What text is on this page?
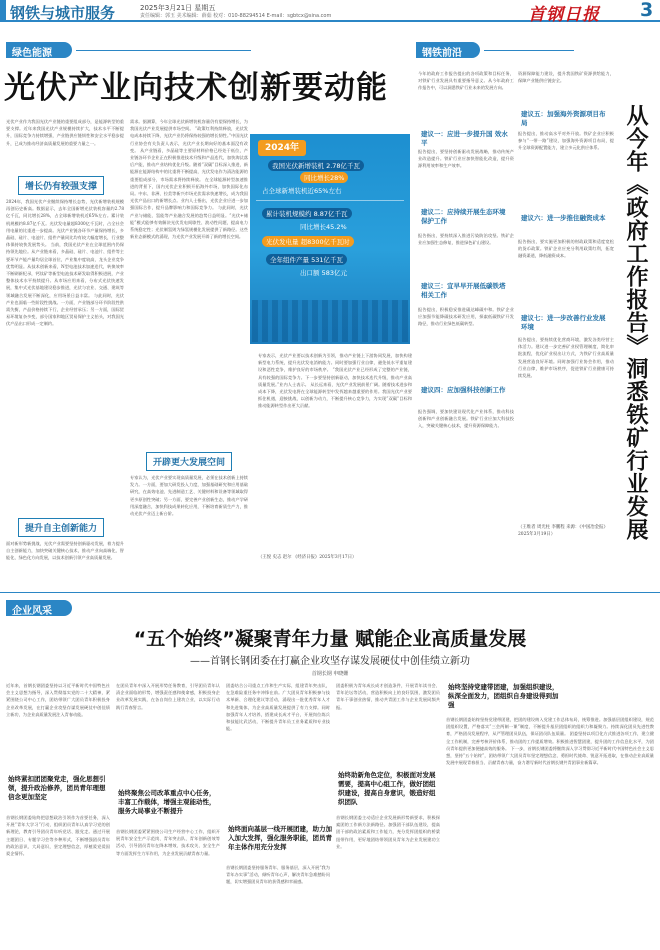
钢铁与城市服务	2025年3月21日 星期五
责任编辑：郭玉 美术编辑：薛茹 校对：010-88294514 E-mail：sgbtcx@sina.com	首钢日报 3
绿色能源
光伏产业向技术创新要动能
光伏产业作为我国光伏产业链的重要组成部分，是能源转型的重要支撑。近年来我国光伏产业规模持续扩大，技术水平不断提升，国际竞争力持续增强，产业链供应链韧性和安全水平稳步提升，已成为推动经济高质量发展的重要力量之一。
增长仍有较强支撑
2024年，我国光伏产业继续保持增长态势，光伏新增装机规模再创历史新高。数据显示，去年全国新增光伏装机容量约2.78亿千瓦，同比增长28%，占全球新增装机近65%左右。累计装机规模约8.87亿千瓦。光伏发电量超8300亿千瓦时，占全社会用电量的比重进一步提高。光伏产业链各环节产量保持增长，多晶硅、硅片、电池片、组件产量同比均有较大幅度增长，行业整体保持较快发展势头。 当前，我国光伏产业在全球范围内仍保持领先地位。从产业链来看，多晶硅、硅片、电池片、组件等主要环节产能产量均居全球首位，产业集中度较高，龙头企业竞争优势明显。从技术创新来看，N型电池技术加速迭代，转换效率不断刷新纪录，钙钛矿等新型电池技术研发取得积极进展，产业整体技术水平持续提升。从市场应用来看，分布式光伏快速发展，集中式光伏基地建设稳步推进，光伏与农业、交通、建筑等领域融合发展不断深化，应用场景日益丰富。 与此同时，光伏产业也面临一些阶段性挑战。一方面，产业链部分环节阶段性供需失衡，产品价格持续下行，企业经营承压；另一方面，国际贸易环境复杂多变，部分国家和地区贸易保护主义抬头，对我国光伏产品出口形成一定制约。
提升自主创新能力
面对新形势新挑战，光伏产业需要坚持创新驱动发展，着力提升自主创新能力，加快突破关键核心技术，推动产业向高端化、智能化、绿色化方向发展，以技术创新引领产业高质量发展。
需求。据测算，今年全球光伏新增装机容量仍有望保持增长，为我国光伏产业发展提供市场空间。 “政策红利持续释放，光伏发电成本持续下降，光伏产业仍将保持较强的增长韧性。”中国光伏行业协会有关负责人表示，光伏产业长期向好的基本面没有改变。 从产业链看，多晶硅等主要原材料价格已经处于低位，产业链各环节企业正在积极推进技术升级和产品迭代，加快淘汰落后产能，推动产业结构优化升级。随着“双碳”目标深入推进，新能源在能源结构中的比重将不断提高，光伏发电作为清洁能源的重要组成部分，市场需求将持续释放。 在全球能源转型加速推进的背景下，国内光伏企业积极开拓海外市场，加快国际化布局。中东、非洲、拉美等新兴市场光伏需求快速增长，成为我国光伏产品出口的新增长点。业内人士指出，光伏企业应进一步加强国际合作，提升品牌影响力和国际竞争力。 与此同时，光伏产业与储能、氢能等产业融合发展的趋势日益明显。“光伏+储能”模式能够有效解决光伏发电间歇性、波动性问题，提高电力系统稳定性；光伏制氢则为绿氢规模化发展提供了新路径。这些新业态新模式的涌现，为光伏产业发展开辟了新的增长空间。
开辟更大发展空间
专家认为，光伏产业要实现高质量发展，必须在技术创新上持续发力。一方面，要加大研发投入力度，加强基础研究和应用基础研究，在高效电池、先进制造工艺、关键材料和设备等领域取得更多原创性突破；另一方面，要完善产业创新生态，推动产学研用深度融合，加快科技成果转化应用，不断培育新质生产力，推动光伏产业迈上新台阶。
2024年
我国光伏新增装机 2.78亿千瓦
同比增长28%
占全球新增装机近65%左右
累计装机规模约 8.87亿千瓦
同比增长45.2%
光伏发电量 超8300亿千瓦时
全年组件产量 531亿千瓦
出口额 583亿元
专家表示，光伏产业要以技术创新为引领，推动产业链上下游协同发展，加快构建新型电力系统，提升光伏发电消纳能力。同时要加强行业自律，避免低水平重复建设和恶性竞争，维护良好的市场秩序。 “我国光伏产业已经形成了完整的产业链，具有较强的国际竞争力。下一步要坚持创新驱动，加快技术迭代升级，推动产业高质量发展。”业内人士表示。 从长远来看，光伏产业发展前景广阔。随着技术进步和成本下降，光伏发电将在全球能源转型中发挥越来越重要的作用。我国光伏产业要抓住机遇，迎接挑战，以创新为动力，不断提升核心竞争力，为实现“双碳”目标和推动能源转型作出更大贡献。
（王悦 史志 赵尔 《经济日报》2025年3月17日）
钢铁前沿
从今年《政府工作报告》洞悉铁矿行业发展
今年的政府工作报告提出的各项政策和目标任务，对铁矿行业发展具有重要指导意义。从今年政府工作报告中，可以洞悉铁矿行业未来的发展方向。
建议一：应进一步提升国 效水平
报告提出，要坚持创新驱动发展战略，推动传统产业改造提升。铁矿行业应加快智能化改造，提升资源利用效率和生产效率。
建议二：应持续开展生态环境保护工作
报告指出，要持续深入推进污染防治攻坚。铁矿企业应加强生态修复，推进绿色矿山建设。
建议三：宜早早开展低碳铁塔相关工作
报告提出，积极稳妥推进碳达峰碳中和。铁矿企业应加强节能降碳技术研发应用，探索低碳铁矿开发路径，推动行业绿色低碳转型。
建议四：应加强科技创新工作
报告强调，要加快建设现代化产业体系，推动科技创新和产业创新融合发展。铁矿行业应加大科技投入，突破关键核心技术，提升资源保障能力。
资源保障能力建设，提升我国铁矿资源供给能力，保障产业链供应链安全。
建议五：加强海外资源项目布局
报告提出，推动高水平对外开放。铁矿企业应积极参与“一带一路”建设，加强海外资源项目布局，提升全球资源配置能力，建立多元化供应体系。
建议六：进一步推住融资成本
报告指出，要实施更加积极的财政政策和适度宽松的货币政策。铁矿企业应充分利用政策红利，拓宽融资渠道，降低融资成本。
建议七：进一步改善行业发展环境
报告提出，要持续优化营商环境，激发各类经营主体活力。建议进一步完善矿业权管理制度，简化审批流程，优化矿业权出让方式，为铁矿行业高质量发展营造良好环境。同时加强行业协会作用，推动行业自律，维护市场秩序，促进铁矿行业健康可持续发展。
（王维者 周光柱 李鹏程 来源：《中国冶金报》2025年3月19日）
企业风采
“五个始终”凝聚青年力量 赋能企业高质量发展
——首钢长钢团委在打赢企业攻坚存谋发展硬仗中创佳绩立新功
首钢长钢 申晓姗
近年来，首钢长钢团委坚持以习近平新时代中国特色社会主义思想为指导，深入贯彻落实党的二十大精神，紧紧围绕公司中心工作，团结带领广大团员青年积极投身企业改革发展，在打赢企业攻坚存谋发展硬仗中创佳绩立新功，为企业高质量发展注入青春动能。
始终紧扣团团聚党走，强化思想引领，提升政治修养，团员青年理想信念更加坚定
首钢长钢团委始终把思想政治引领作为首要任务，深入开展“青年大学习”行动，组织团员青年认真学习党的创新理论，教育引导团员青年听党话、跟党走。通过开展主题团日、专题学习会等多种形式，不断增强团员青年的政治意识、大局意识，坚定理想信念，厚植爱党爱国爱企情怀。
在团员青年中深入开展形势任务教育，引导团员青年认清企业面临的形势，增强责任感和使命感，积极投身企业改革发展实践，在各自岗位上建功立业，以实际行动践行青春誓言。
始终聚焦公司改革重点中心任务，丰富工作载体，增强主观能动性，服务大局事业不断提升
首钢长钢团委紧紧围绕公司生产经营中心工作，组织开展青年安全生产示范岗、青年突击队、青年创新创效等活动，引导团员青年在降本增效、技术攻关、安全生产等方面发挥生力军作用，为企业发展贡献青春力量。
团委结合公司重点工作和生产实际，组建青年突击队，在急难险重任务中冲锋在前。广大团员青年积极参与技术革新、合理化建议等活动，涌现出一批优秀青年人才和先进集体，为企业高质量发展提供了有力支撑。同时加强青年人才培养，搭建成长成才平台，开展岗位练兵和技能比武活动，不断提升青年员工业务素质和专业技能。
始终面向基层一线开展团建，助力加入加大发挥，强化服务职能，团员青年主体作用充分发挥
首钢长钢团委坚持服务青年、服务基层，深入开展“我为青年办实事”活动，倾听青年心声，解决青年急难愁盼问题，切实增强团员青年的获得感和幸福感。
团委积极为青年成长成才创造条件，开展青年读书会、青年论坛等活动，营造积极向上的良好氛围，激发团员青年干事创业热情，推动共青团工作与企业发展同频共振。
始终助新角色定位，积极面对发展需要，提高中心组工作，做好团组织建设，提高自身意识，锻造好组织团队
首钢长钢团委主动适应企业发展新形势新要求，积极探索团的工作新方法新路径。加强团干部队伍建设，提高团干部的政治素质和工作能力，充分发挥团组织的桥梁纽带作用，更好地团结带领团员青年为企业发展建功立业。
始终坚持党建带团建，加强组织建设，纵深全面发力，团组织自身建设得到加强
首钢长钢团委始终坚持党建带团建，把团的建设纳入党建工作总体布局，统筹推进。加强基层团组织建设，规范团组织设置，严格落实“三会两制一课”制度，不断提升基层团组织的组织力和凝聚力。持续深化团员先进性教育，严格团员发展程序，从严管理团员队伍，保证团员队伍质量。 团委坚持以项目化方式推进各项工作，建立健全工作机制，完善考核评价体系，推动团的工作提质增效。积极推进智慧团建，提升团的工作信息化水平，为团员青年提供更加便捷高效的服务。 下一步，首钢长钢团委将继续深入学习贯彻习近平新时代中国特色社会主义思想，坚持“五个始终”，团结带领广大团员青年坚定理想信念、勇担时代使命、锐意开拓进取，在推动企业高质量发展中展现青春担当、贡献青春力量，奋力谱写新时代首钢长钢共青团事业新篇章。
